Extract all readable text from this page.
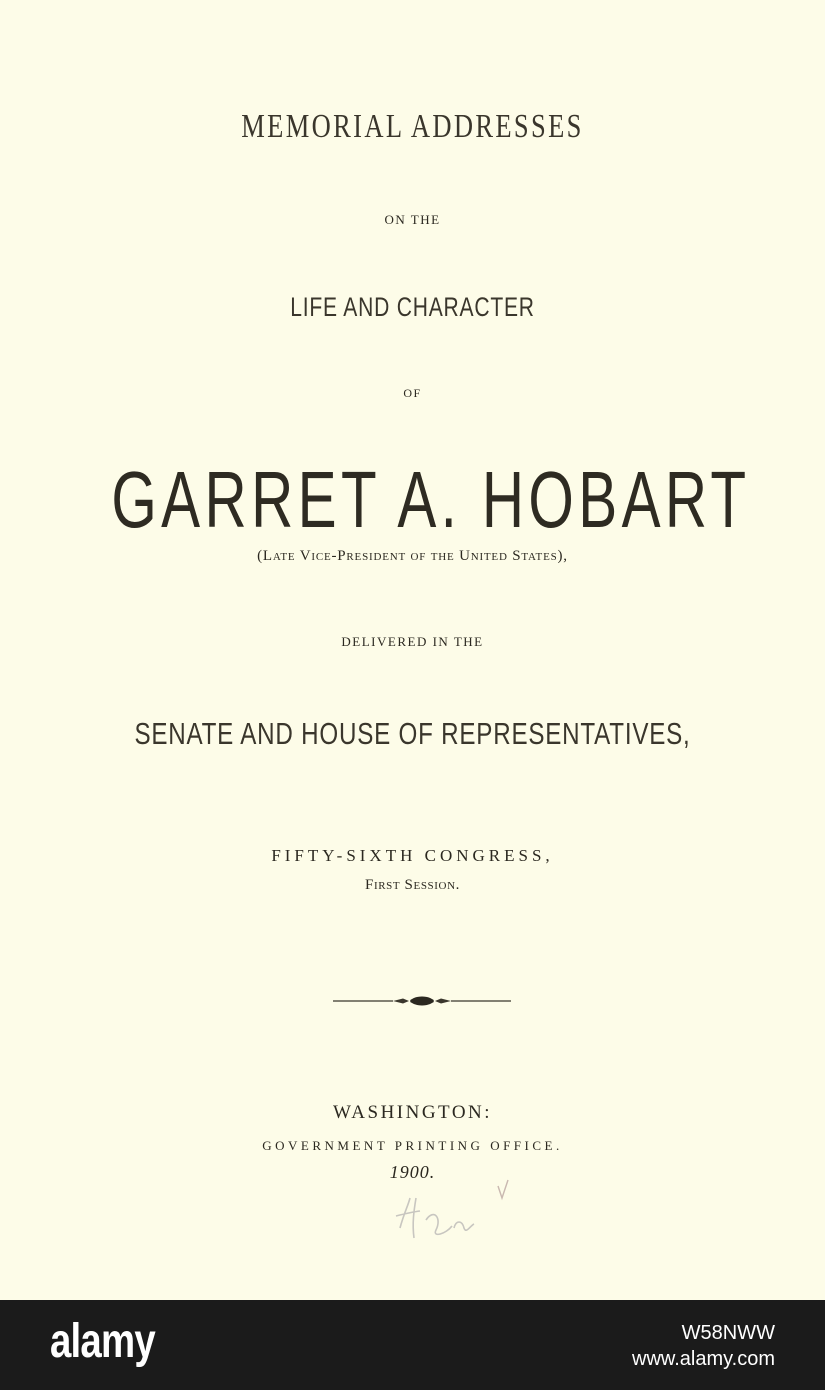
MEMORIAL ADDRESSES
ON THE
LIFE AND CHARACTER
OF
GARRET A. HOBART
(Late Vice-President of the United States),
DELIVERED IN THE
SENATE AND HOUSE OF REPRESENTATIVES,
FIFTY-SIXTH CONGRESS,
First Session.
WASHINGTON:
GOVERNMENT PRINTING OFFICE.
1900.
alamy	W58NWW
www.alamy.com
